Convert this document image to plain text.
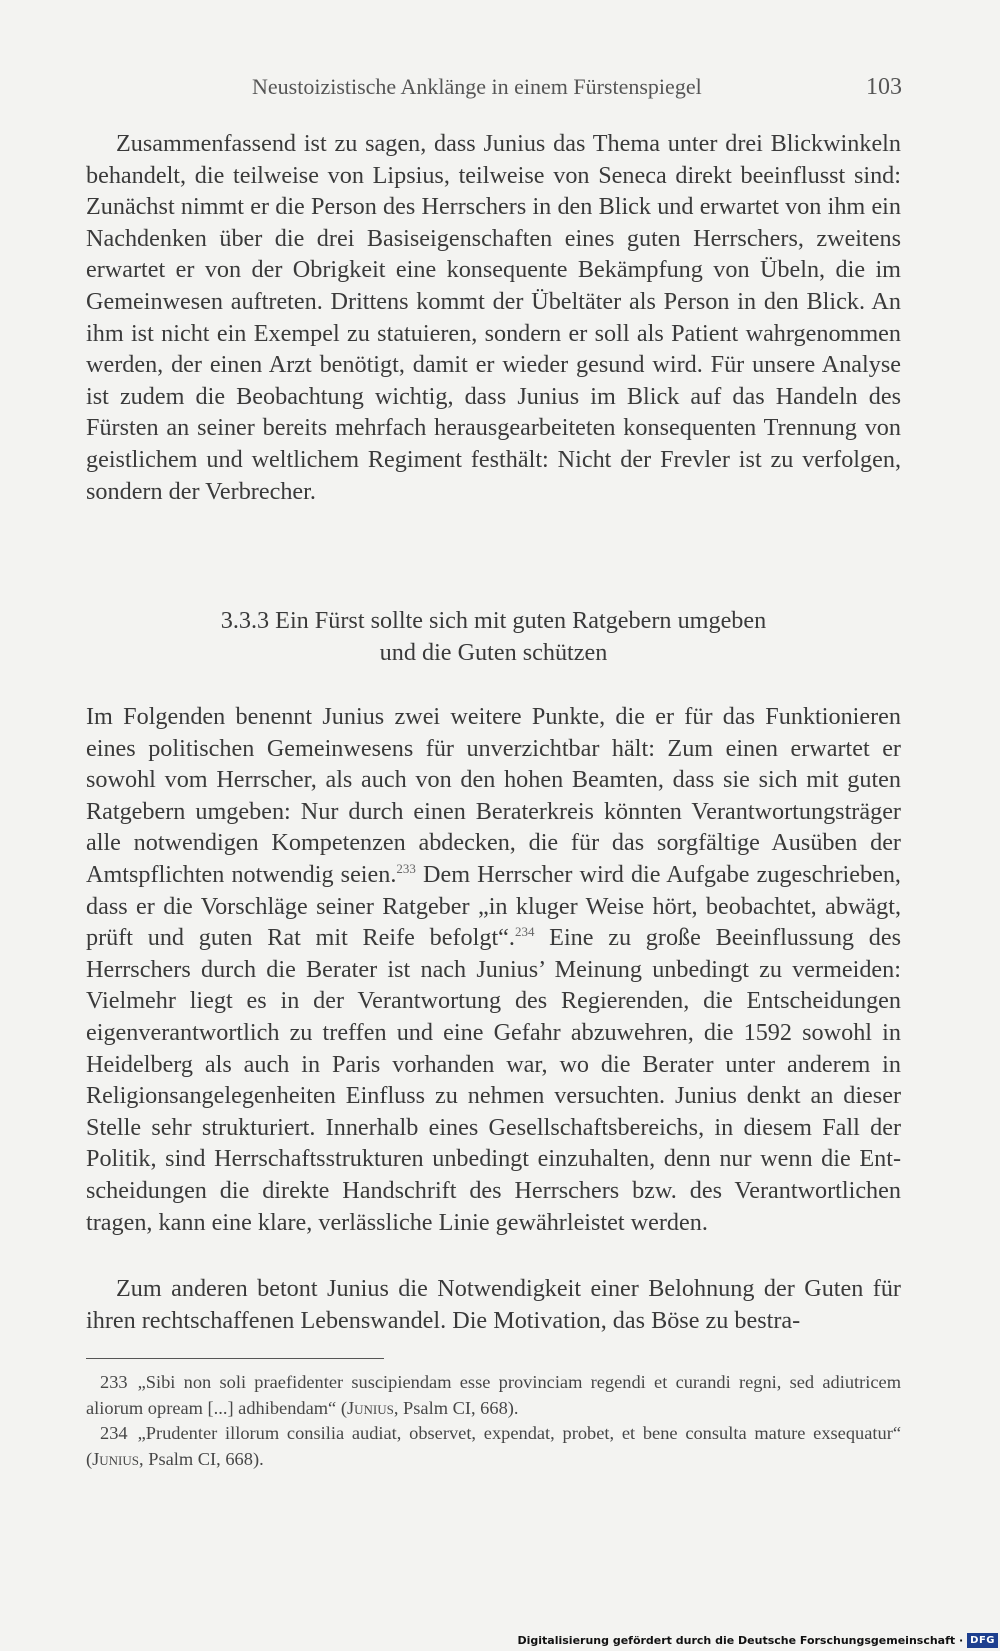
Neustoizistische Anklänge in einem Fürstenspiegel	103

Zusammenfassend ist zu sagen, dass Junius das Thema unter drei Blickwinkeln behandelt, die teilweise von Lipsius, teilweise von Seneca direkt beeinflusst sind: Zunächst nimmt er die Person des Herrschers in den Blick und erwartet von ihm ein Nachdenken über die drei Basiseigenschaften eines guten Herrschers, zweitens erwartet er von der Obrigkeit eine konsequente Bekämpfung von Übeln, die im Gemeinwesen auftreten. Drittens kommt der Übeltäter als Person in den Blick. An ihm ist nicht ein Exempel zu statuieren, sondern er soll als Patient wahrgenommen werden, der einen Arzt benötigt, damit er wieder gesund wird. Für unsere Analyse ist zudem die Beobachtung wichtig, dass Junius im Blick auf das Handeln des Fürsten an seiner bereits mehrfach herausgearbeiteten konsequenten Trennung von geistlichem und weltlichem Regiment festhält: Nicht der Frevler ist zu verfolgen, sondern der Verbrecher.

3.3.3 Ein Fürst sollte sich mit guten Ratgebern umgeben
und die Guten schützen

Im Folgenden benennt Junius zwei weitere Punkte, die er für das Funktionieren eines politischen Gemeinwesens für unverzichtbar hält: Zum einen erwartet er sowohl vom Herrscher, als auch von den hohen Beamten, dass sie sich mit guten Ratgebern umgeben: Nur durch einen Beraterkreis könnten Verantwortungsträger alle notwendigen Kompetenzen abdecken, die für das sorgfältige Ausüben der Amtspflichten notwendig seien.$^{233}$ Dem Herrscher wird die Aufgabe zugeschrieben, dass er die Vorschläge seiner Ratgeber „in kluger Weise hört, beobachtet, abwägt, prüft und guten Rat mit Reife befolgt“.$^{234}$ Eine zu große Beeinflussung des Herrschers durch die Berater ist nach Junius’ Meinung unbedingt zu vermeiden: Vielmehr liegt es in der Verantwortung des Regierenden, die Entscheidungen eigenverantwortlich zu treffen und eine Gefahr abzuwehren, die 1592 sowohl in Heidelberg als auch in Paris vorhanden war, wo die Berater unter anderem in Religionsangelegenheiten Einfluss zu nehmen versuchten. Junius denkt an dieser Stelle sehr strukturiert. Innerhalb eines Gesellschaftsbereichs, in diesem Fall der Politik, sind Herrschaftsstrukturen unbedingt einzuhalten, denn nur wenn die Entscheidungen die direkte Handschrift des Herrschers bzw. des Verantwortlichen tragen, kann eine klare, verlässliche Linie gewährleistet werden.

Zum anderen betont Junius die Notwendigkeit einer Belohnung der Guten für ihren rechtschaffenen Lebenswandel. Die Motivation, das Böse zu bestra-

233 „Sibi non soli praefidenter suscipiendam esse provinciam regendi et curandi regni, sed adiutricem aliorum opream [...] adhibendam“ (Junius, Psalm CI, 668).

234 „Prudenter illorum consilia audiat, observet, expendat, probet, et bene consulta mature exsequatur“ (Junius, Psalm CI, 668).

Digitalisierung gefördert durch die Deutsche Forschungsgemeinschaft · DFG
